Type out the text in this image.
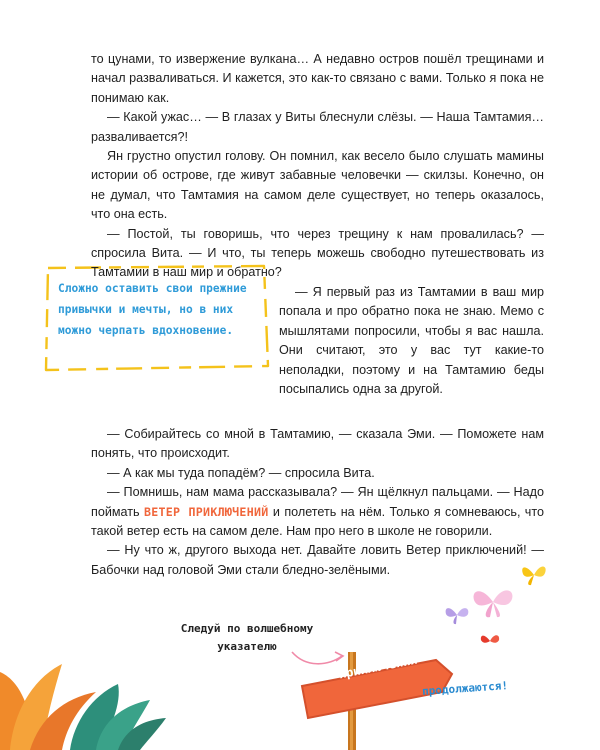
Сложно оставить свои прежние привычки и мечты, но в них можно черпать вдохновение.

то цунами, то извержение вулкана… А недавно остров пошёл трещинами и начал разваливаться. И кажется, это как-то связано с вами. Только я пока не понимаю как.

— Какой ужас… — В глазах у Виты блеснули слёзы. — Наша Тамтамия… разваливается?!

Ян грустно опустил голову. Он помнил, как весело было слушать мамины истории об острове, где живут забавные человечки — скилзы. Конечно, он не думал, что Тамтамия на самом деле существует, но теперь оказалось, что она есть.

— Постой, ты говоришь, что через трещину к нам провалилась? — спросила Вита. — И что, ты теперь можешь свободно путешествовать из Тамтамии в наш мир и обратно?

— Я первый раз из Тамтамии в ваш мир попала и про обратно пока не знаю. Мемо с мышлятами попросили, чтобы я вас нашла. Они считают, это у вас тут какие-то неполадки, поэтому и на Тамтамию беды посыпались одна за другой.

— Собирайтесь со мной в Тамтамию, — сказала Эми. — Поможете нам понять, что происходит.

— А как мы туда попадём? — спросила Вита.

— Помнишь, нам мама рассказывала? — Ян щёлкнул пальцами. — Надо поймать ВЕТЕР ПРИКЛЮЧЕНИЙ и полететь на нём. Только я сомневаюсь, что такой ветер есть на самом деле. Нам про него в школе не говорили.

— Ну что ж, другого выхода нет. Давайте ловить Ветер приключений! — Бабочки над головой Эми стали бледно-зелёными.

Следуй по волшебному указателю
Приключения
продолжаются!
